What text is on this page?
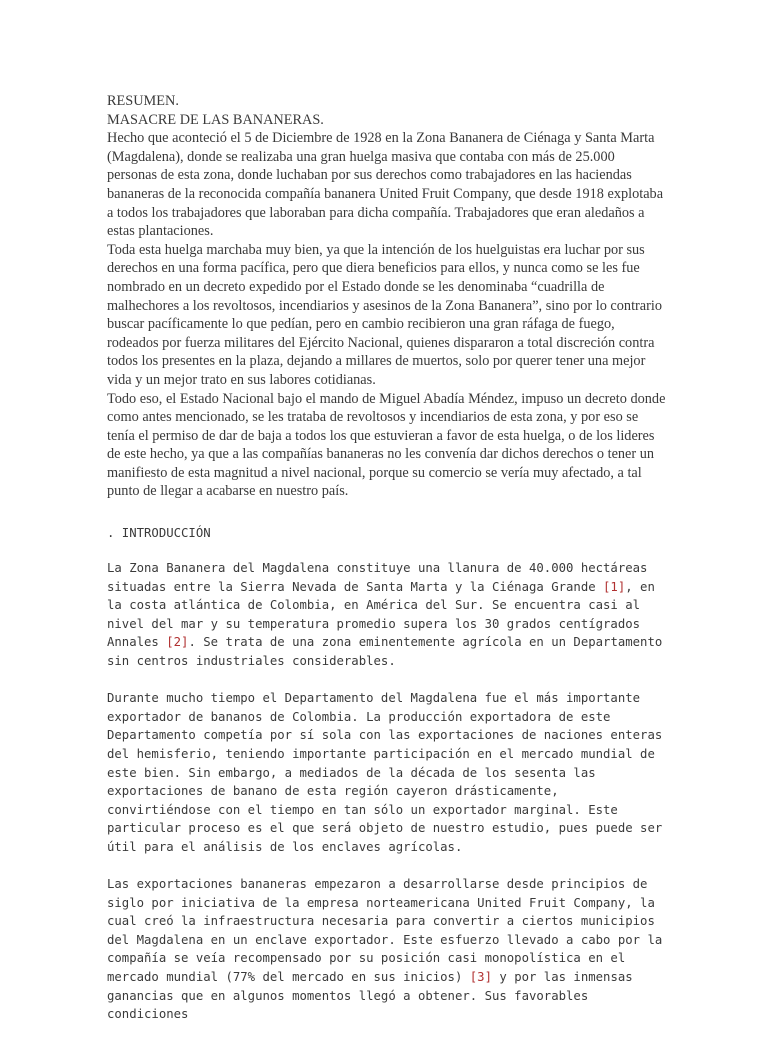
RESUMEN.

MASACRE DE LAS BANANERAS.

Hecho que aconteció el 5 de Diciembre de 1928 en la Zona Bananera de Ciénaga y Santa Marta (Magdalena), donde se realizaba una gran huelga masiva que contaba con más de 25.000 personas de esta zona, donde luchaban por sus derechos como trabajadores en las haciendas bananeras de la reconocida compañía bananera United Fruit Company, que desde 1918 explotaba a todos los trabajadores que laboraban para dicha compañía. Trabajadores que eran aledaños a estas plantaciones.

Toda esta huelga marchaba muy bien, ya que la intención de los huelguistas era luchar por sus derechos en una forma pacífica, pero que diera beneficios para ellos, y nunca como se les fue nombrado en un decreto expedido por el Estado donde se les denominaba “cuadrilla de malhechores a los revoltosos, incendiarios y asesinos de la Zona Bananera”, sino por lo contrario buscar pacíficamente lo que pedían, pero en cambio recibieron una gran ráfaga de fuego, rodeados por fuerza militares del Ejército Nacional, quienes dispararon a total discreción contra todos los presentes en la plaza, dejando a millares de muertos, solo por querer tener una mejor vida y un mejor trato en sus labores cotidianas.

Todo eso, el Estado Nacional bajo el mando de Miguel Abadía Méndez, impuso un decreto donde como antes mencionado, se les trataba de revoltosos y incendiarios de esta zona, y por eso se tenía el permiso de dar de baja a todos los que estuvieran a favor de esta huelga, o de los lideres de este hecho, ya que a las compañías bananeras no les convenía dar dichos derechos o tener un manifiesto de esta magnitud a nivel nacional, porque su comercio se vería muy afectado, a tal punto de llegar a acabarse en nuestro país.

. INTRODUCCIÓN

La Zona Bananera del Magdalena constituye una llanura de 40.000 hectáreas situadas entre la Sierra Nevada de Santa Marta y la Ciénaga Grande [1], en la costa atlántica de Colombia, en América del Sur. Se encuentra casi al nivel del mar y su temperatura promedio supera los 30 grados centígrados Annales [2]. Se trata de una zona eminentemente agrícola en un Departamento sin centros industriales considerables.

Durante mucho tiempo el Departamento del Magdalena fue el más importante exportador de bananos de Colombia. La producción exportadora de este Departamento competía por sí sola con las exportaciones de naciones enteras del hemisferio, teniendo importante participación en el mercado mundial de este bien. Sin embargo, a mediados de la década de los sesenta las exportaciones de banano de esta región cayeron drásticamente, convirtiéndose con el tiempo en tan sólo un exportador marginal. Este particular proceso es el que será objeto de nuestro estudio, pues puede ser útil para el análisis de los enclaves agrícolas.

Las exportaciones bananeras empezaron a desarrollarse desde principios de siglo por iniciativa de la empresa norteamericana United Fruit Company, la cual creó la infraestructura necesaria para convertir a ciertos municipios del Magdalena en un enclave exportador. Este esfuerzo llevado a cabo por la compañía se veía recompensado por su posición casi monopolística en el mercado mundial (77% del mercado en sus inicios) [3] y por las inmensas ganancias que en algunos momentos llegó a obtener. Sus favorables condiciones
